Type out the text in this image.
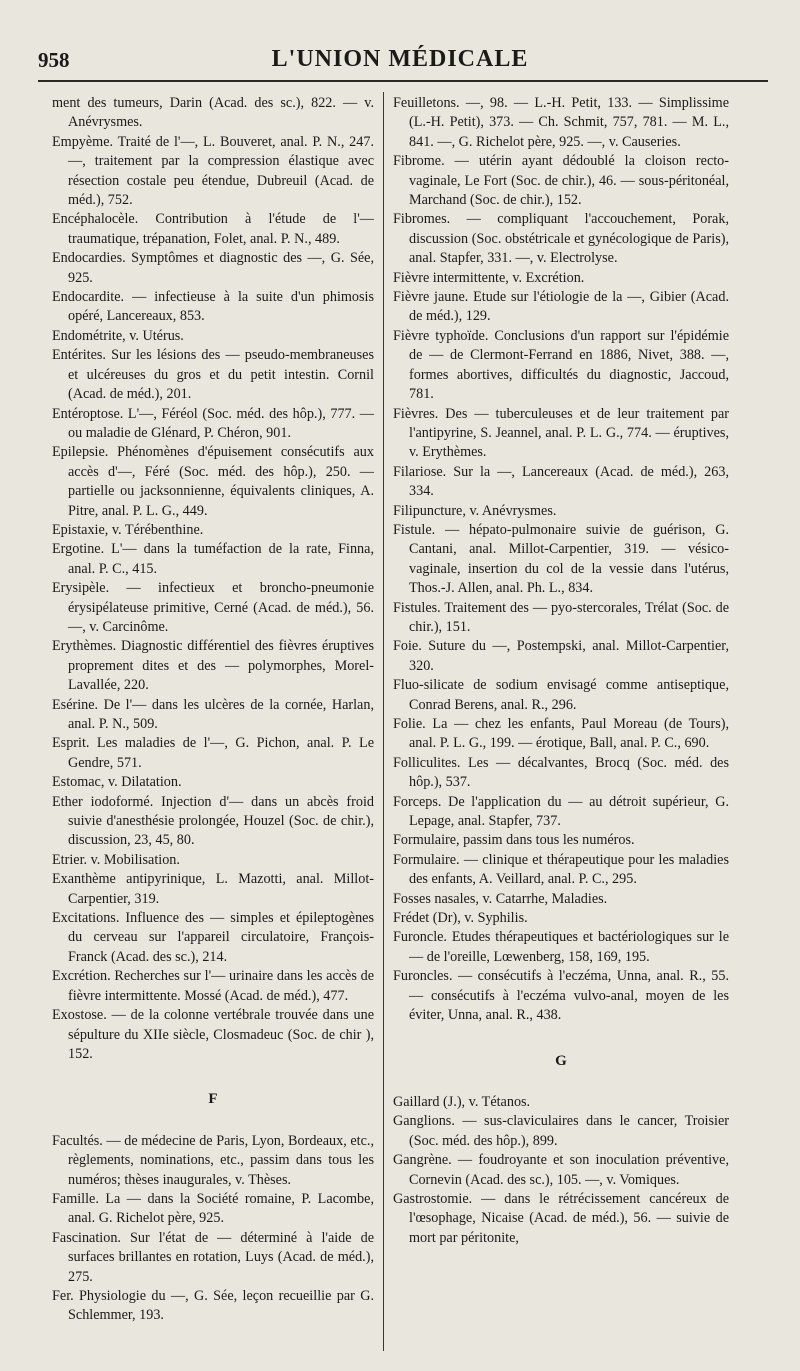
958	L'UNION MÉDICALE

ment des tumeurs, Darin (Acad. des sc.), 822. — v. Anévrysmes.

Empyème. Traité de l'—, L. Bouveret, anal. P. N., 247. —, traitement par la compression élastique avec résection costale peu étendue, Dubreuil (Acad. de méd.), 752.

Encéphalocèle. Contribution à l'étude de l'— traumatique, trépanation, Folet, anal. P. N., 489.

Endocardies. Symptômes et diagnostic des —, G. Sée, 925.

Endocardite. — infectieuse à la suite d'un phimosis opéré, Lancereaux, 853.

Endométrite, v. Utérus.

Entérites. Sur les lésions des — pseudo-membraneuses et ulcéreuses du gros et du petit intestin. Cornil (Acad. de méd.), 201.

Entéroptose. L'—, Féréol (Soc. méd. des hôp.), 777. — ou maladie de Glénard, P. Chéron, 901.

Epilepsie. Phénomènes d'épuisement consécutifs aux accès d'—, Féré (Soc. méd. des hôp.), 250. — partielle ou jacksonnienne, équivalents cliniques, A. Pitre, anal. P. L. G., 449.

Epistaxie, v. Térébenthine.

Ergotine. L'— dans la tuméfaction de la rate, Finna, anal. P. C., 415.

Erysipèle. — infectieux et broncho-pneumonie érysipélateuse primitive, Cerné (Acad. de méd.), 56. —, v. Carcinôme.

Erythèmes. Diagnostic différentiel des fièvres éruptives proprement dites et des — polymorphes, Morel-Lavallée, 220.

Esérine. De l'— dans les ulcères de la cornée, Harlan, anal. P. N., 509.

Esprit. Les maladies de l'—, G. Pichon, anal. P. Le Gendre, 571.

Estomac, v. Dilatation.

Ether iodoformé. Injection d'— dans un abcès froid suivie d'anesthésie prolongée, Houzel (Soc. de chir.), discussion, 23, 45, 80.

Etrier. v. Mobilisation.

Exanthème antipyrinique, L. Mazotti, anal. Millot-Carpentier, 319.

Excitations. Influence des — simples et épileptogènes du cerveau sur l'appareil circulatoire, François-Franck (Acad. des sc.), 214.

Excrétion. Recherches sur l'— urinaire dans les accès de fièvre intermittente. Mossé (Acad. de méd.), 477.

Exostose. — de la colonne vertébrale trouvée dans une sépulture du XIIe siècle, Closmadeuc (Soc. de chir ), 152.

F

Facultés. — de médecine de Paris, Lyon, Bordeaux, etc., règlements, nominations, etc., passim dans tous les numéros; thèses inaugurales, v. Thèses.

Famille. La — dans la Société romaine, P. Lacombe, anal. G. Richelot père, 925.

Fascination. Sur l'état de — déterminé à l'aide de surfaces brillantes en rotation, Luys (Acad. de méd.), 275.

Fer. Physiologie du —, G. Sée, leçon recueillie par G. Schlemmer, 193.

Feuilletons. —, 98. — L.-H. Petit, 133. — Simplissime (L.-H. Petit), 373. — Ch. Schmit, 757, 781. — M. L., 841. —, G. Richelot père, 925. —, v. Causeries.

Fibrome. — utérin ayant dédoublé la cloison recto-vaginale, Le Fort (Soc. de chir.), 46. — sous-péritonéal, Marchand (Soc. de chir.), 152.

Fibromes. — compliquant l'accouchement, Porak, discussion (Soc. obstétricale et gynécologique de Paris), anal. Stapfer, 331. —, v. Electrolyse.

Fièvre intermittente, v. Excrétion.

Fièvre jaune. Etude sur l'étiologie de la —, Gibier (Acad. de méd.), 129.

Fièvre typhoïde. Conclusions d'un rapport sur l'épidémie de — de Clermont-Ferrand en 1886, Nivet, 388. —, formes abortives, difficultés du diagnostic, Jaccoud, 781.

Fièvres. Des — tuberculeuses et de leur traitement par l'antipyrine, S. Jeannel, anal. P. L. G., 774. — éruptives, v. Erythèmes.

Filariose. Sur la —, Lancereaux (Acad. de méd.), 263, 334.

Filipuncture, v. Anévrysmes.

Fistule. — hépato-pulmonaire suivie de guérison, G. Cantani, anal. Millot-Carpentier, 319. — vésico-vaginale, insertion du col de la vessie dans l'utérus, Thos.-J. Allen, anal. Ph. L., 834.

Fistules. Traitement des — pyo-stercorales, Trélat (Soc. de chir.), 151.

Foie. Suture du —, Postempski, anal. Millot-Carpentier, 320.

Fluo-silicate de sodium envisagé comme antiseptique, Conrad Berens, anal. R., 296.

Folie. La — chez les enfants, Paul Moreau (de Tours), anal. P. L. G., 199. — érotique, Ball, anal. P. C., 690.

Folliculites. Les — décalvantes, Brocq (Soc. méd. des hôp.), 537.

Forceps. De l'application du — au détroit supérieur, G. Lepage, anal. Stapfer, 737.

Formulaire, passim dans tous les numéros.

Formulaire. — clinique et thérapeutique pour les maladies des enfants, A. Veillard, anal. P. C., 295.

Fosses nasales, v. Catarrhe, Maladies.

Frédet (Dr), v. Syphilis.

Furoncle. Etudes thérapeutiques et bactériologiques sur le — de l'oreille, Lœwenberg, 158, 169, 195.

Furoncles. — consécutifs à l'eczéma, Unna, anal. R., 55. — consécutifs à l'eczéma vulvo-anal, moyen de les éviter, Unna, anal. R., 438.

G

Gaillard (J.), v. Tétanos.

Ganglions. — sus-claviculaires dans le cancer, Troisier (Soc. méd. des hôp.), 899.

Gangrène. — foudroyante et son inoculation préventive, Cornevin (Acad. des sc.), 105. —, v. Vomiques.

Gastrostomie. — dans le rétrécissement cancéreux de l'œsophage, Nicaise (Acad. de méd.), 56. — suivie de mort par péritonite,
